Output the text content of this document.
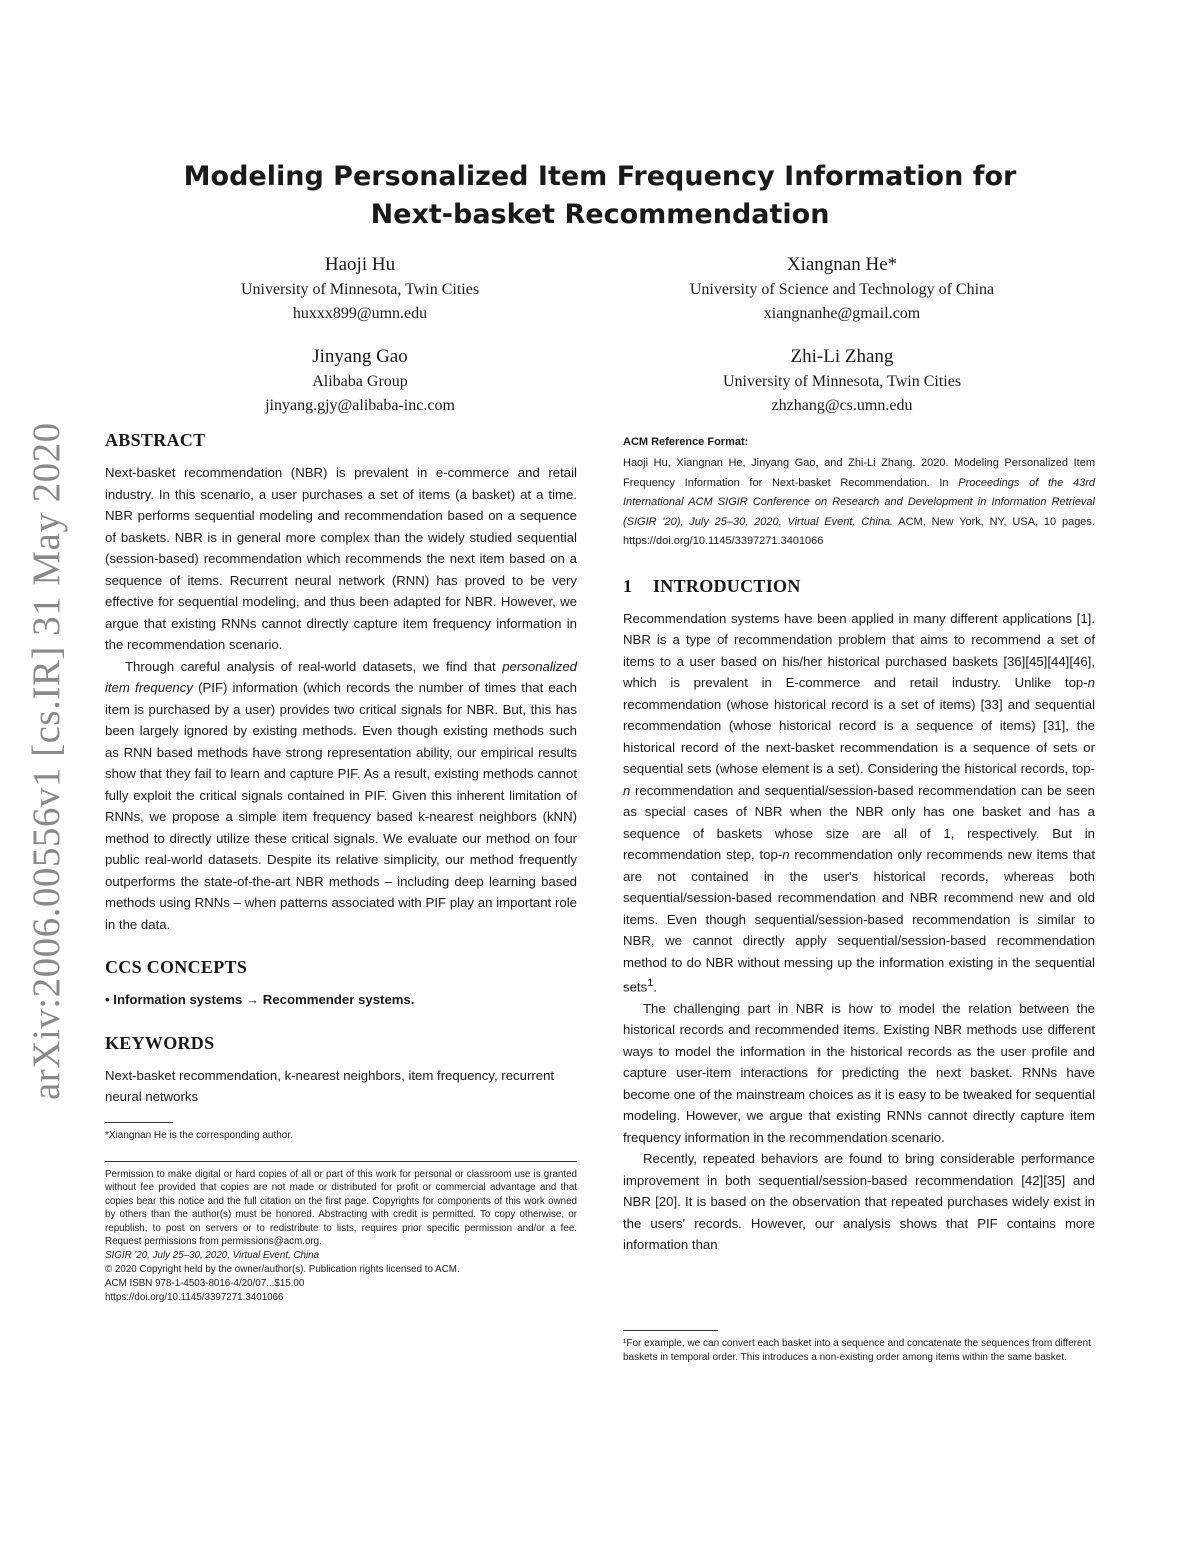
arXiv:2006.00556v1 [cs.IR] 31 May 2020
Modeling Personalized Item Frequency Information for Next-basket Recommendation
Haoji Hu
University of Minnesota, Twin Cities
huxxx899@umn.edu
Xiangnan He*
University of Science and Technology of China
xiangnanhe@gmail.com
Jinyang Gao
Alibaba Group
jinyang.gjy@alibaba-inc.com
Zhi-Li Zhang
University of Minnesota, Twin Cities
zhzhang@cs.umn.edu
ABSTRACT

Next-basket recommendation (NBR) is prevalent in e-commerce and retail industry. In this scenario, a user purchases a set of items (a basket) at a time. NBR performs sequential modeling and recommendation based on a sequence of baskets. NBR is in general more complex than the widely studied sequential (session-based) recommendation which recommends the next item based on a sequence of items. Recurrent neural network (RNN) has proved to be very effective for sequential modeling, and thus been adapted for NBR. However, we argue that existing RNNs cannot directly capture item frequency information in the recommendation scenario.

Through careful analysis of real-world datasets, we find that personalized item frequency (PIF) information (which records the number of times that each item is purchased by a user) provides two critical signals for NBR. But, this has been largely ignored by existing methods. Even though existing methods such as RNN based methods have strong representation ability, our empirical results show that they fail to learn and capture PIF. As a result, existing methods cannot fully exploit the critical signals contained in PIF. Given this inherent limitation of RNNs, we propose a simple item frequency based k-nearest neighbors (kNN) method to directly utilize these critical signals. We evaluate our method on four public real-world datasets. Despite its relative simplicity, our method frequently outperforms the state-of-the-art NBR methods – including deep learning based methods using RNNs – when patterns associated with PIF play an important role in the data.

CCS CONCEPTS

• Information systems → Recommender systems.

KEYWORDS

Next-basket recommendation, k-nearest neighbors, item frequency, recurrent neural networks

*Xiangnan He is the corresponding author.

Permission to make digital or hard copies of all or part of this work for personal or classroom use is granted without fee provided that copies are not made or distributed for profit or commercial advantage and that copies bear this notice and the full citation on the first page. Copyrights for components of this work owned by others than the author(s) must be honored. Abstracting with credit is permitted. To copy otherwise, or republish, to post on servers or to redistribute to lists, requires prior specific permission and/or a fee. Request permissions from permissions@acm.org.

SIGIR '20, July 25–30, 2020, Virtual Event, China

© 2020 Copyright held by the owner/author(s). Publication rights licensed to ACM.

ACM ISBN 978-1-4503-8016-4/20/07...$15.00

https://doi.org/10.1145/3397271.3401066

ACM Reference Format:

Haoji Hu, Xiangnan He, Jinyang Gao, and Zhi-Li Zhang. 2020. Modeling Personalized Item Frequency Information for Next-basket Recommendation. In Proceedings of the 43rd International ACM SIGIR Conference on Research and Development in Information Retrieval (SIGIR '20), July 25–30, 2020, Virtual Event, China. ACM, New York, NY, USA, 10 pages. https://doi.org/10.1145/3397271.3401066

1 INTRODUCTION

Recommendation systems have been applied in many different applications [1]. NBR is a type of recommendation problem that aims to recommend a set of items to a user based on his/her historical purchased baskets [36][45][44][46], which is prevalent in E-commerce and retail industry. Unlike top-n recommendation (whose historical record is a set of items) [33] and sequential recommendation (whose historical record is a sequence of items) [31], the historical record of the next-basket recommendation is a sequence of sets or sequential sets (whose element is a set). Considering the historical records, top-n recommendation and sequential/session-based recommendation can be seen as special cases of NBR when the NBR only has one basket and has a sequence of baskets whose size are all of 1, respectively. But in recommendation step, top-n recommendation only recommends new items that are not contained in the user's historical records, whereas both sequential/session-based recommendation and NBR recommend new and old items. Even though sequential/session-based recommendation is similar to NBR, we cannot directly apply sequential/session-based recommendation method to do NBR without messing up the information existing in the sequential sets$^1$.

The challenging part in NBR is how to model the relation between the historical records and recommended items. Existing NBR methods use different ways to model the information in the historical records as the user profile and capture user-item interactions for predicting the next basket. RNNs have become one of the mainstream choices as it is easy to be tweaked for sequential modeling. However, we argue that existing RNNs cannot directly capture item frequency information in the recommendation scenario.

Recently, repeated behaviors are found to bring considerable performance improvement in both sequential/session-based recommendation [42][35] and NBR [20]. It is based on the observation that repeated purchases widely exist in the users' records. However, our analysis shows that PIF contains more information than

¹For example, we can convert each basket into a sequence and concatenate the sequences from different baskets in temporal order. This introduces a non-existing order among items within the same basket.
